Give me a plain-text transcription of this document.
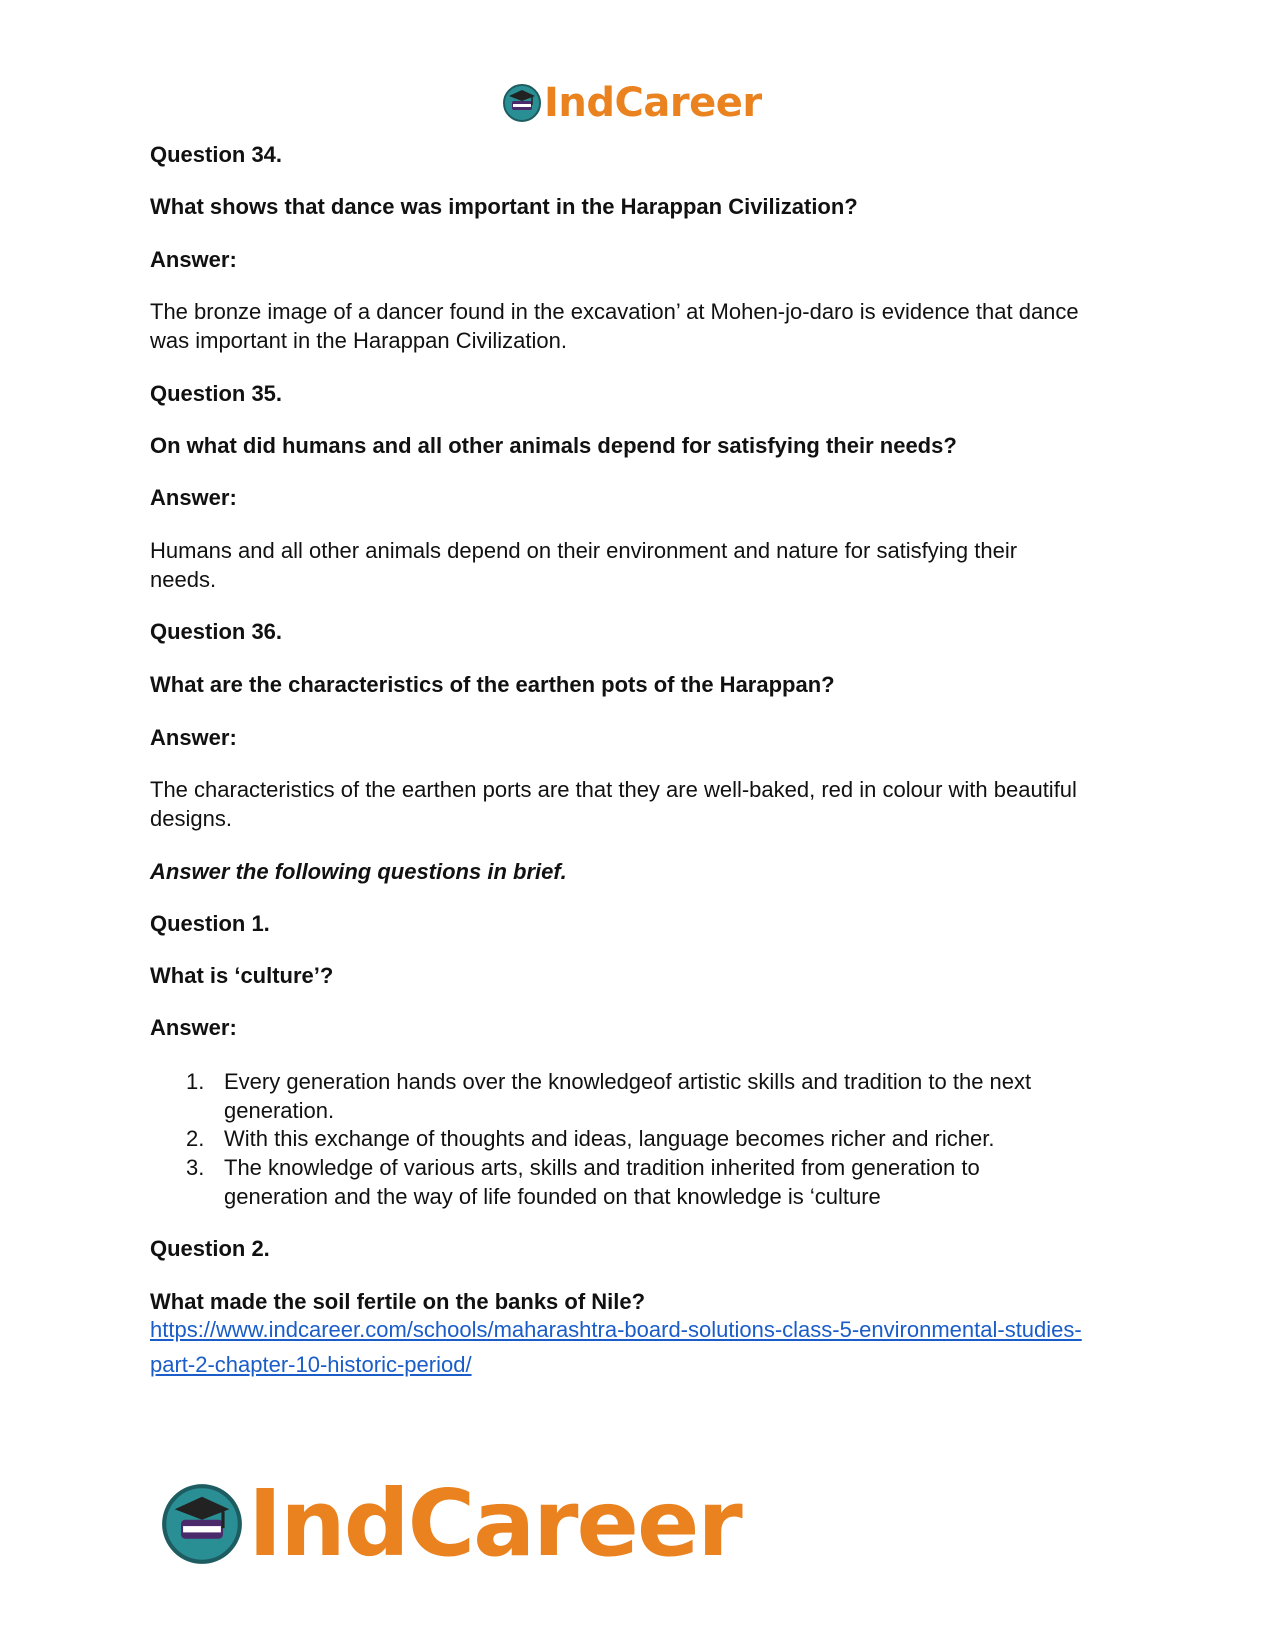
IndCareer
Question 34.
What shows that dance was important in the Harappan Civilization?
Answer:
The bronze image of a dancer found in the excavation’ at Mohen-jo-daro is evidence that dance
was important in the Harappan Civilization.
Question 35.
On what did humans and all other animals depend for satisfying their needs?
Answer:
Humans and all other animals depend on their environment and nature for satisfying their
needs.
Question 36.
What are the characteristics of the earthen pots of the Harappan?
Answer:
The characteristics of the earthen ports are that they are well-baked, red in colour with beautiful
designs.
Answer the following questions in brief.
Question 1.
What is ‘culture’?
Answer:
1. Every generation hands over the knowledgeof artistic skills and tradition to the next
generation.
2. With this exchange of thoughts and ideas, language becomes richer and richer.
3. The knowledge of various arts, skills and tradition inherited from generation to
generation and the way of life founded on that knowledge is ‘culture
Question 2.
What made the soil fertile on the banks of Nile?
https://www.indcareer.com/schools/maharashtra-board-solutions-class-5-environmental-studies-
part-2-chapter-10-historic-period/
IndCareer
